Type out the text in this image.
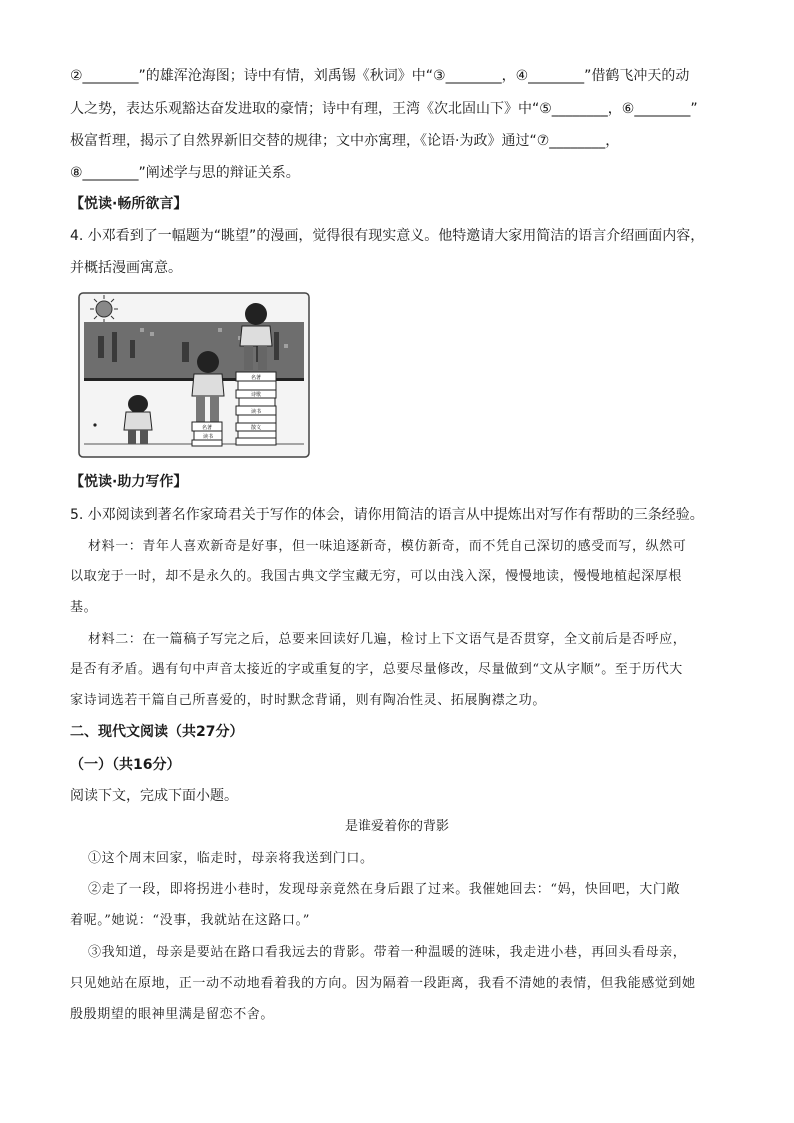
②________”的雄浑沧海图；诗中有情，刘禹锡《秋词》中“③________，④________”借鹤飞冲天的动
人之势，表达乐观豁达奋发进取的豪情；诗中有理，王湾《次北固山下》中“⑤________，⑥________”
极富哲理，揭示了自然界新旧交替的规律；文中亦寓理，《论语·为政》通过“⑦________，
⑧________”阐述学与思的辩证关系。
【悦读·畅所欲言】
4. 小邓看到了一幅题为“眺望”的漫画，觉得很有现实意义。他特邀请大家用简洁的语言介绍画面内容，
并概括漫画寓意。
名著
读书
名著
诗歌
读书
散文
【悦读·助力写作】
5. 小邓阅读到著名作家琦君关于写作的体会，请你用简洁的语言从中提炼出对写作有帮助的三条经验。
材料一：青年人喜欢新奇是好事，但一味追逐新奇，模仿新奇，而不凭自己深切的感受而写，纵然可
以取宠于一时，却不是永久的。我国古典文学宝藏无穷，可以由浅入深，慢慢地读，慢慢地植起深厚根
基。
材料二：在一篇稿子写完之后，总要来回读好几遍，检讨上下文语气是否贯穿，全文前后是否呼应，
是否有矛盾。遇有句中声音太接近的字或重复的字，总要尽量修改，尽量做到“文从字顺”。至于历代大
家诗词选若干篇自己所喜爱的，时时默念背诵，则有陶冶性灵、拓展胸襟之功。
二、现代文阅读（共27分）
（一）（共16分）
阅读下文，完成下面小题。
是谁爱着你的背影
①这个周末回家，临走时，母亲将我送到门口。
②走了一段，即将拐进小巷时，发现母亲竟然在身后跟了过来。我催她回去：“妈，快回吧，大门敞
着呢。”她说：“没事，我就站在这路口。”
③我知道，母亲是要站在路口看我远去的背影。带着一种温暖的涟味，我走进小巷，再回头看母亲，
只见她站在原地，正一动不动地看着我的方向。因为隔着一段距离，我看不清她的表情，但我能感觉到她
殷殷期望的眼神里满是留恋不舍。
